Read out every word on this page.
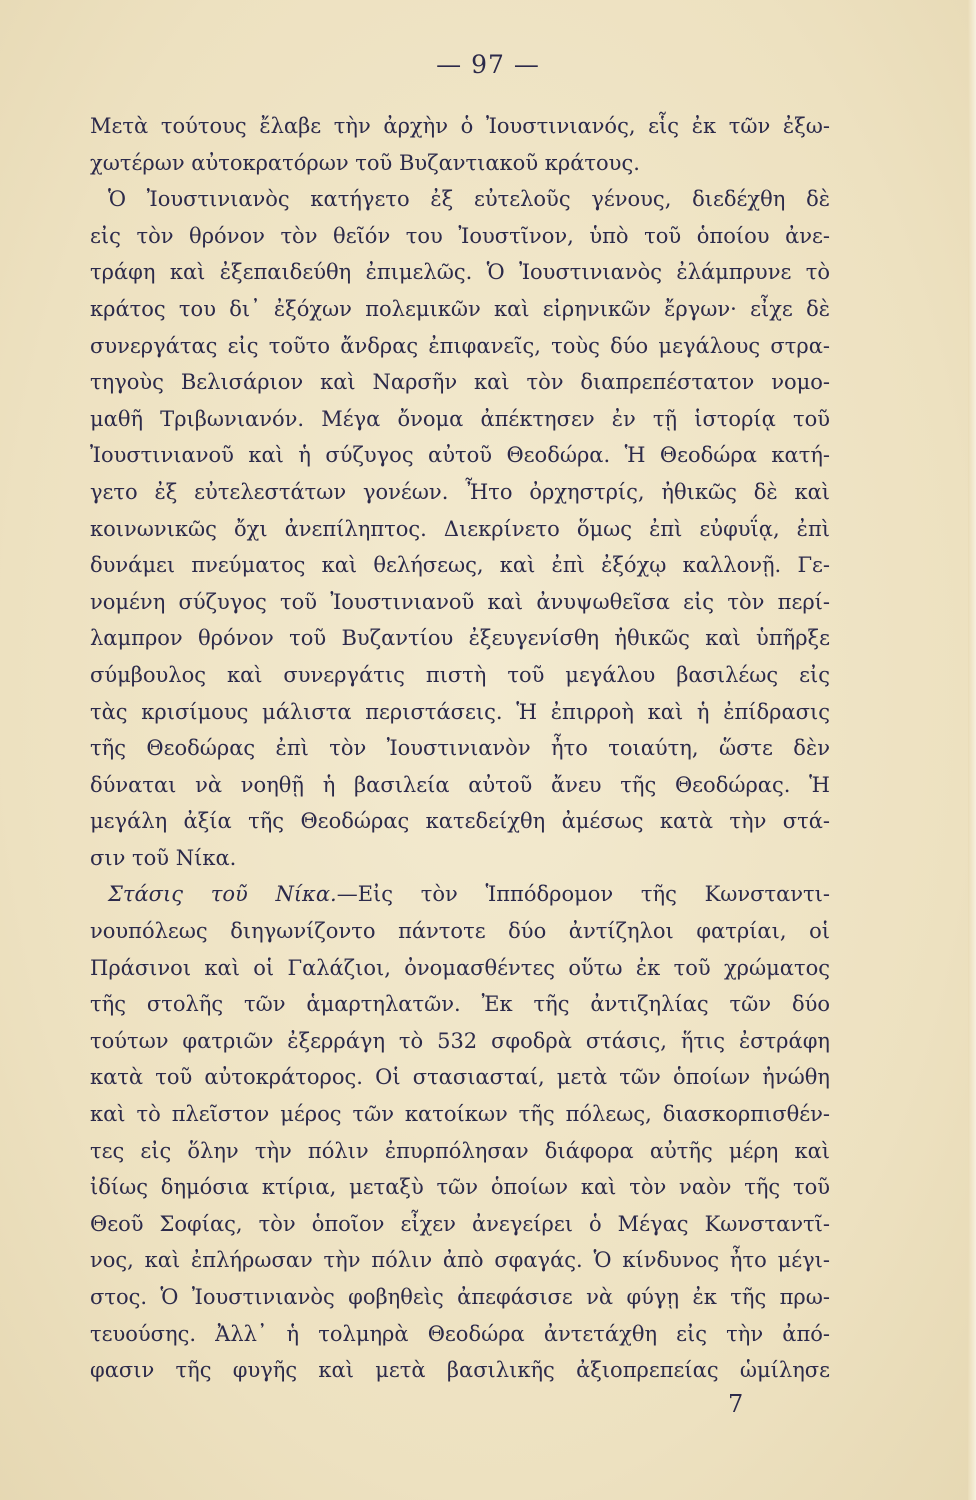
— 97 —
Μετὰ τούτους ἔλαβε τὴν ἀρχὴν ὁ Ἰουστινιανός, εἷς ἐκ τῶν ἐξω-
χωτέρων αὐτοκρατόρων τοῦ Βυζαντιακοῦ κράτους.
Ὁ Ἰουστινιανὸς κατήγετο ἐξ εὐτελοῦς γένους, διεδέχθη δὲ
εἰς τὸν θρόνον τὸν θεῖόν του Ἰουστῖνον, ὑπὸ τοῦ ὁποίου ἀνε-
τράφη καὶ ἐξεπαιδεύθη ἐπιμελῶς. Ὁ Ἰουστινιανὸς ἐλάμπρυνε τὸ
κράτος του δι᾽ ἐξόχων πολεμικῶν καὶ εἰρηνικῶν ἔργων· εἶχε δὲ
συνεργάτας εἰς τοῦτο ἄνδρας ἐπιφανεῖς, τοὺς δύο μεγάλους στρα-
τηγοὺς Βελισάριον καὶ Ναρσῆν καὶ τὸν διαπρεπέστατον νομο-
μαθῆ Τριβωνιανόν. Μέγα ὄνομα ἀπέκτησεν ἐν τῇ ἱστορίᾳ τοῦ
Ἰουστινιανοῦ καὶ ἡ σύζυγος αὐτοῦ Θεοδώρα. Ἡ Θεοδώρα κατή-
γετο ἐξ εὐτελεστάτων γονέων. Ἦτο ὀρχηστρίς, ἠθικῶς δὲ καὶ
κοινωνικῶς ὄχι ἀνεπίληπτος. Διεκρίνετο ὅμως ἐπὶ εὐφυΐᾳ, ἐπὶ
δυνάμει πνεύματος καὶ θελήσεως, καὶ ἐπὶ ἐξόχῳ καλλονῇ. Γε-
νομένη σύζυγος τοῦ Ἰουστινιανοῦ καὶ ἀνυψωθεῖσα εἰς τὸν περί-
λαμπρον θρόνον τοῦ Βυζαντίου ἐξευγενίσθη ἠθικῶς καὶ ὑπῆρξε
σύμβουλος καὶ συνεργάτις πιστὴ τοῦ μεγάλου βασιλέως εἰς
τὰς κρισίμους μάλιστα περιστάσεις. Ἡ ἐπιρροὴ καὶ ἡ ἐπίδρασις
τῆς Θεοδώρας ἐπὶ τὸν Ἰουστινιανὸν ἦτο τοιαύτη, ὥστε δὲν
δύναται νὰ νοηθῇ ἡ βασιλεία αὐτοῦ ἄνευ τῆς Θεοδώρας. Ἡ
μεγάλη ἀξία τῆς Θεοδώρας κατεδείχθη ἀμέσως κατὰ τὴν στά-
σιν τοῦ Νίκα.
Στάσις τοῦ Νίκα.—Εἰς τὸν Ἱππόδρομον τῆς Κωνσταντι-
νουπόλεως διηγωνίζοντο πάντοτε δύο ἀντίζηλοι φατρίαι, οἱ
Πράσινοι καὶ οἱ Γαλάζιοι, ὀνομασθέντες οὕτω ἐκ τοῦ χρώματος
τῆς στολῆς τῶν ἁμαρτηλατῶν. Ἐκ τῆς ἀντιζηλίας τῶν δύο
τούτων φατριῶν ἐξερράγη τὸ 532 σφοδρὰ στάσις, ἥτις ἐστράφη
κατὰ τοῦ αὐτοκράτορος. Οἱ στασιασταί, μετὰ τῶν ὁποίων ἠνώθη
καὶ τὸ πλεῖστον μέρος τῶν κατοίκων τῆς πόλεως, διασκορπισθέν-
τες εἰς ὅλην τὴν πόλιν ἐπυρπόλησαν διάφορα αὐτῆς μέρη καὶ
ἰδίως δημόσια κτίρια, μεταξὺ τῶν ὁποίων καὶ τὸν ναὸν τῆς τοῦ
Θεοῦ Σοφίας, τὸν ὁποῖον εἶχεν ἀνεγείρει ὁ Μέγας Κωνσταντῖ-
νος, καὶ ἐπλήρωσαν τὴν πόλιν ἀπὸ σφαγάς. Ὁ κίνδυνος ἦτο μέγι-
στος. Ὁ Ἰουστινιανὸς φοβηθεὶς ἀπεφάσισε νὰ φύγῃ ἐκ τῆς πρω-
τευούσης. Ἀλλ᾽ ἡ τολμηρὰ Θεοδώρα ἀντετάχθη εἰς τὴν ἀπό-
φασιν τῆς φυγῆς καὶ μετὰ βασιλικῆς ἀξιοπρεπείας ὡμίλησε
7
